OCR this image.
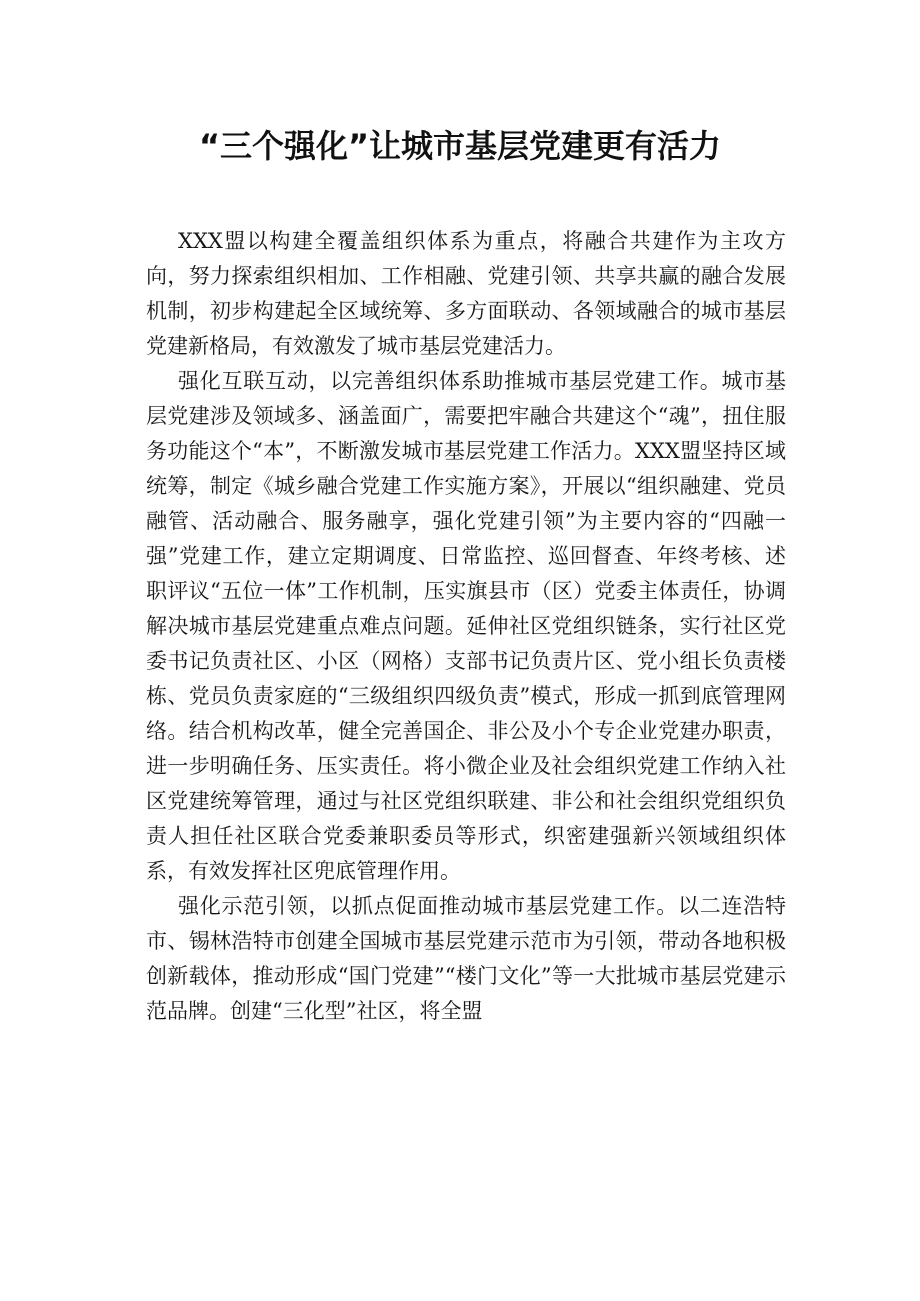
“三个强化”让城市基层党建更有活力

XXX盟以构建全覆盖组织体系为重点，将融合共建作为主攻方向，努力探索组织相加、工作相融、党建引领、共享共赢的融合发展机制，初步构建起全区域统筹、多方面联动、各领域融合的城市基层党建新格局，有效激发了城市基层党建活力。

强化互联互动，以完善组织体系助推城市基层党建工作。城市基层党建涉及领域多、涵盖面广，需要把牢融合共建这个“魂”，扭住服务功能这个“本”，不断激发城市基层党建工作活力。XXX盟坚持区域统筹，制定《城乡融合党建工作实施方案》，开展以“组织融建、党员融管、活动融合、服务融享，强化党建引领”为主要内容的“四融一强”党建工作，建立定期调度、日常监控、巡回督查、年终考核、述职评议“五位一体”工作机制，压实旗县市（区）党委主体责任，协调解决城市基层党建重点难点问题。延伸社区党组织链条，实行社区党委书记负责社区、小区（网格）支部书记负责片区、党小组长负责楼栋、党员负责家庭的“三级组织四级负责”模式，形成一抓到底管理网络。结合机构改革，健全完善国企、非公及小个专企业党建办职责，进一步明确任务、压实责任。将小微企业及社会组织党建工作纳入社区党建统筹管理，通过与社区党组织联建、非公和社会组织党组织负责人担任社区联合党委兼职委员等形式，织密建强新兴领域组织体系，有效发挥社区兜底管理作用。

强化示范引领，以抓点促面推动城市基层党建工作。以二连浩特市、锡林浩特市创建全国城市基层党建示范市为引领，带动各地积极创新载体，推动形成“国门党建”“楼门文化”等一大批城市基层党建示范品牌。创建“三化型”社区，将全盟
